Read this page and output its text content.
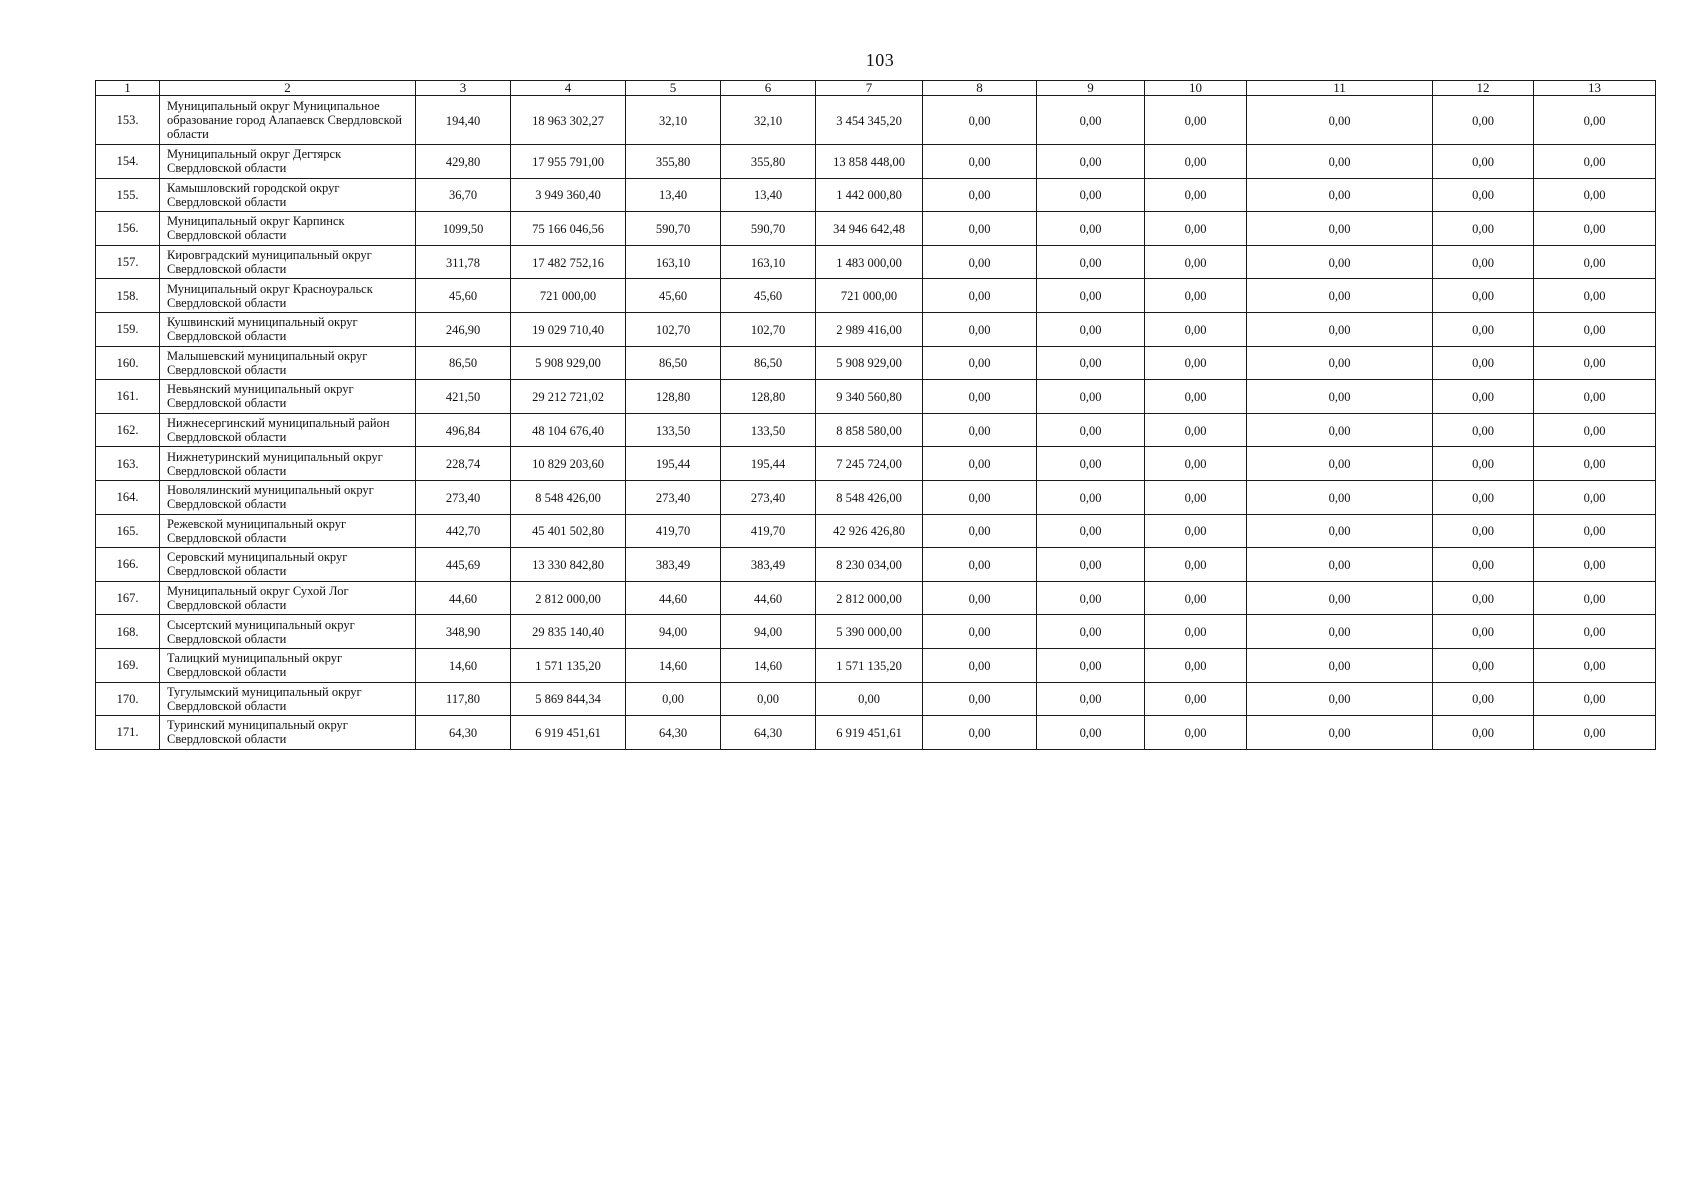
103
1	2	3	4	5	6	7	8	9	10	11	12	13
153.	Муниципальный округ Муниципальное образование город Алапаевск Свердловской области	194,40	18 963 302,27	32,10	32,10	3 454 345,20	0,00	0,00	0,00	0,00	0,00	0,00
154.	Муниципальный округ Дегтярск Свердловской области	429,80	17 955 791,00	355,80	355,80	13 858 448,00	0,00	0,00	0,00	0,00	0,00	0,00
155.	Камышловский городской округ Свердловской области	36,70	3 949 360,40	13,40	13,40	1 442 000,80	0,00	0,00	0,00	0,00	0,00	0,00
156.	Муниципальный округ Карпинск Свердловской области	1099,50	75 166 046,56	590,70	590,70	34 946 642,48	0,00	0,00	0,00	0,00	0,00	0,00
157.	Кировградский муниципальный округ Свердловской области	311,78	17 482 752,16	163,10	163,10	1 483 000,00	0,00	0,00	0,00	0,00	0,00	0,00
158.	Муниципальный округ Красноуральск Свердловской области	45,60	721 000,00	45,60	45,60	721 000,00	0,00	0,00	0,00	0,00	0,00	0,00
159.	Кушвинский муниципальный округ Свердловской области	246,90	19 029 710,40	102,70	102,70	2 989 416,00	0,00	0,00	0,00	0,00	0,00	0,00
160.	Малышевский муниципальный округ Свердловской области	86,50	5 908 929,00	86,50	86,50	5 908 929,00	0,00	0,00	0,00	0,00	0,00	0,00
161.	Невьянский муниципальный округ Свердловской области	421,50	29 212 721,02	128,80	128,80	9 340 560,80	0,00	0,00	0,00	0,00	0,00	0,00
162.	Нижнесергинский муниципальный район Свердловской области	496,84	48 104 676,40	133,50	133,50	8 858 580,00	0,00	0,00	0,00	0,00	0,00	0,00
163.	Нижнетуринский муниципальный округ Свердловской области	228,74	10 829 203,60	195,44	195,44	7 245 724,00	0,00	0,00	0,00	0,00	0,00	0,00
164.	Новолялинский муниципальный округ Свердловской области	273,40	8 548 426,00	273,40	273,40	8 548 426,00	0,00	0,00	0,00	0,00	0,00	0,00
165.	Режевской муниципальный округ Свердловской области	442,70	45 401 502,80	419,70	419,70	42 926 426,80	0,00	0,00	0,00	0,00	0,00	0,00
166.	Серовский муниципальный округ Свердловской области	445,69	13 330 842,80	383,49	383,49	8 230 034,00	0,00	0,00	0,00	0,00	0,00	0,00
167.	Муниципальный округ Сухой Лог Свердловской области	44,60	2 812 000,00	44,60	44,60	2 812 000,00	0,00	0,00	0,00	0,00	0,00	0,00
168.	Сысертский муниципальный округ Свердловской области	348,90	29 835 140,40	94,00	94,00	5 390 000,00	0,00	0,00	0,00	0,00	0,00	0,00
169.	Талицкий муниципальный округ Свердловской области	14,60	1 571 135,20	14,60	14,60	1 571 135,20	0,00	0,00	0,00	0,00	0,00	0,00
170.	Тугулымский муниципальный округ Свердловской области	117,80	5 869 844,34	0,00	0,00	0,00	0,00	0,00	0,00	0,00	0,00	0,00
171.	Туринский муниципальный округ Свердловской области	64,30	6 919 451,61	64,30	64,30	6 919 451,61	0,00	0,00	0,00	0,00	0,00	0,00
